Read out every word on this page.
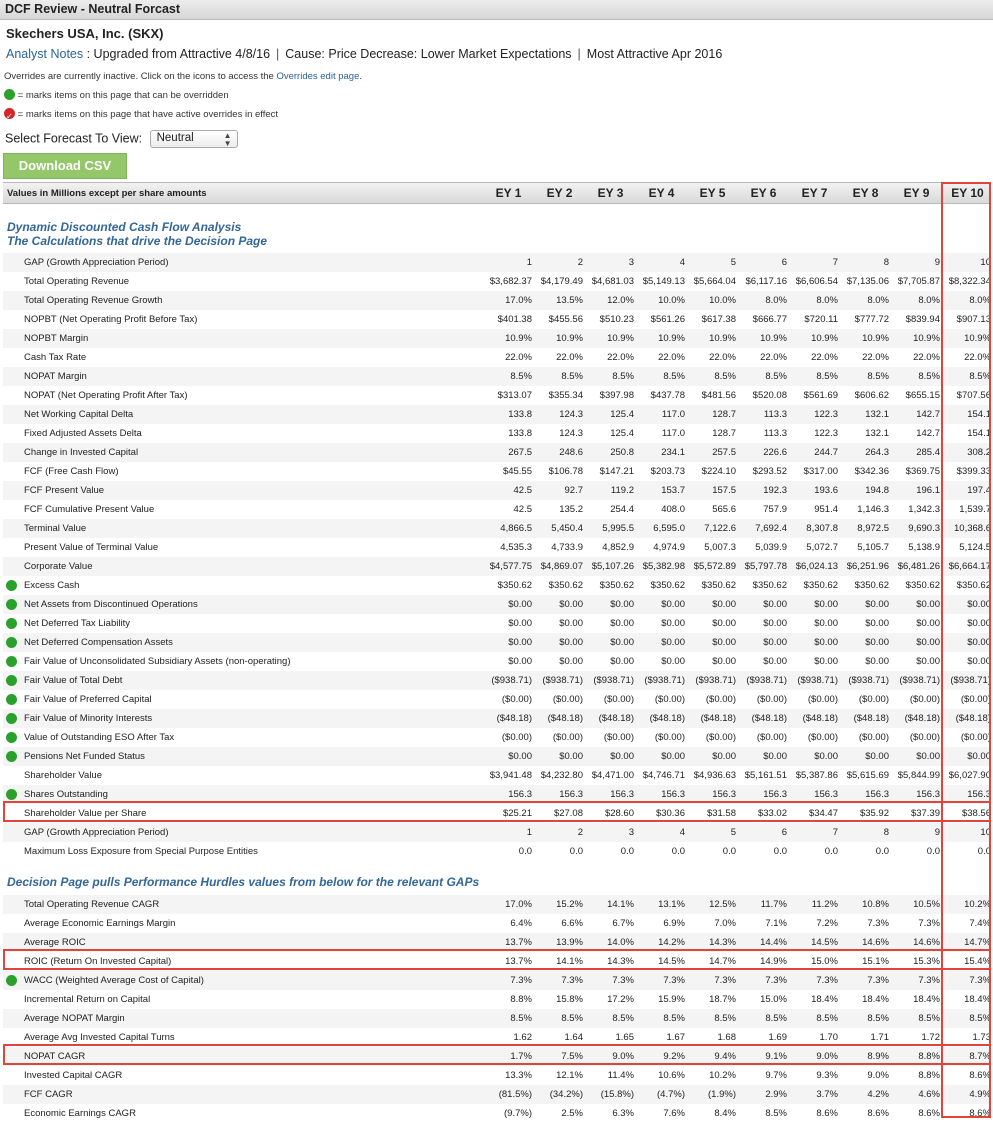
DCF Review - Neutral Forcast
Skechers USA, Inc. (SKX)
Analyst Notes : Upgraded from Attractive 4/8/16 | Cause: Price Decrease: Lower Market Expectations | Most Attractive Apr 2016
Overrides are currently inactive. Click on the icons to access the Overrides edit page.
= marks items on this page that can be overridden
✓ = marks items on this page that have active overrides in effect
Select Forecast To View: Neutral	▲
▼
Download CSV
Values in Millions except per share amounts	EY 1	EY 2	EY 3	EY 4	EY 5	EY 6	EY 7	EY 8	EY 9	EY 10
Dynamic Discounted Cash Flow Analysis
The Calculations that drive the Decision Page
GAP (Growth Appreciation Period)	1	2	3	4	5	6	7	8	9	10
Total Operating Revenue	$3,682.37 $4,179.49 $4,681.03 $5,149.13 $5,664.04 $6,117.16 $6,606.54 $7,135.06 $7,705.87 $8,322.34
Total Operating Revenue Growth	17.0%	13.5%	12.0%	10.0%	10.0%	8.0%	8.0%	8.0%	8.0%	8.0%
NOPBT (Net Operating Profit Before Tax)	$401.38	$455.56	$510.23	$561.26	$617.38	$666.77	$720.11	$777.72	$839.94	$907.13
NOPBT Margin	10.9%	10.9%	10.9%	10.9%	10.9%	10.9%	10.9%	10.9%	10.9%	10.9%
Cash Tax Rate	22.0%	22.0%	22.0%	22.0%	22.0%	22.0%	22.0%	22.0%	22.0%	22.0%
NOPAT Margin	8.5%	8.5%	8.5%	8.5%	8.5%	8.5%	8.5%	8.5%	8.5%	8.5%
NOPAT (Net Operating Profit After Tax)	$313.07	$355.34	$397.98	$437.78	$481.56	$520.08	$561.69	$606.62	$655.15	$707.56
Net Working Capital Delta	133.8	124.3	125.4	117.0	128.7	113.3	122.3	132.1	142.7	154.1
Fixed Adjusted Assets Delta	133.8	124.3	125.4	117.0	128.7	113.3	122.3	132.1	142.7	154.1
Change in Invested Capital	267.5	248.6	250.8	234.1	257.5	226.6	244.7	264.3	285.4	308.2
FCF (Free Cash Flow)	$45.55	$106.78	$147.21	$203.73	$224.10	$293.52	$317.00	$342.36	$369.75	$399.33
FCF Present Value	42.5	92.7	119.2	153.7	157.5	192.3	193.6	194.8	196.1	197.4
FCF Cumulative Present Value	42.5	135.2	254.4	408.0	565.6	757.9	951.4	1,146.3	1,342.3	1,539.7
Terminal Value	4,866.5	5,450.4	5,995.5	6,595.0	7,122.6	7,692.4	8,307.8	8,972.5	9,690.3	10,368.6
Present Value of Terminal Value	4,535.3	4,733.9	4,852.9	4,974.9	5,007.3	5,039.9	5,072.7	5,105.7	5,138.9	5,124.5
Corporate Value	$4,577.75 $4,869.07 $5,107.26 $5,382.98 $5,572.89 $5,797.78 $6,024.13 $6,251.96 $6,481.26 $6,664.17
Excess Cash	$350.62	$350.62	$350.62	$350.62	$350.62	$350.62	$350.62	$350.62	$350.62	$350.62
Net Assets from Discontinued Operations	$0.00	$0.00	$0.00	$0.00	$0.00	$0.00	$0.00	$0.00	$0.00	$0.00
Net Deferred Tax Liability	$0.00	$0.00	$0.00	$0.00	$0.00	$0.00	$0.00	$0.00	$0.00	$0.00
Net Deferred Compensation Assets	$0.00	$0.00	$0.00	$0.00	$0.00	$0.00	$0.00	$0.00	$0.00	$0.00
Fair Value of Unconsolidated Subsidiary Assets (non-operating)	$0.00	$0.00	$0.00	$0.00	$0.00	$0.00	$0.00	$0.00	$0.00	$0.00
Fair Value of Total Debt	($938.71)	($938.71)	($938.71)	($938.71)	($938.71)	($938.71)	($938.71)	($938.71)	($938.71)	($938.71)
Fair Value of Preferred Capital	($0.00)	($0.00)	($0.00)	($0.00)	($0.00)	($0.00)	($0.00)	($0.00)	($0.00)	($0.00)
Fair Value of Minority Interests	($48.18)	($48.18)	($48.18)	($48.18)	($48.18)	($48.18)	($48.18)	($48.18)	($48.18)	($48.18)
Value of Outstanding ESO After Tax	($0.00)	($0.00)	($0.00)	($0.00)	($0.00)	($0.00)	($0.00)	($0.00)	($0.00)	($0.00)
Pensions Net Funded Status	$0.00	$0.00	$0.00	$0.00	$0.00	$0.00	$0.00	$0.00	$0.00	$0.00
Shareholder Value	$3,941.48 $4,232.80 $4,471.00 $4,746.71 $4,936.63 $5,161.51 $5,387.86 $5,615.69 $5,844.99 $6,027.90
Shares Outstanding	156.3	156.3	156.3	156.3	156.3	156.3	156.3	156.3	156.3	156.3
Shareholder Value per Share	$25.21	$27.08	$28.60	$30.36	$31.58	$33.02	$34.47	$35.92	$37.39	$38.56
GAP (Growth Appreciation Period)	1	2	3	4	5	6	7	8	9	10
Maximum Loss Exposure from Special Purpose Entities	0.0	0.0	0.0	0.0	0.0	0.0	0.0	0.0	0.0	0.0
Decision Page pulls Performance Hurdles values from below for the relevant GAPs
Total Operating Revenue CAGR	17.0%	15.2%	14.1%	13.1%	12.5%	11.7%	11.2%	10.8%	10.5%	10.2%
Average Economic Earnings Margin	6.4%	6.6%	6.7%	6.9%	7.0%	7.1%	7.2%	7.3%	7.3%	7.4%
Average ROIC	13.7%	13.9%	14.0%	14.2%	14.3%	14.4%	14.5%	14.6%	14.6%	14.7%
ROIC (Return On Invested Capital)	13.7%	14.1%	14.3%	14.5%	14.7%	14.9%	15.0%	15.1%	15.3%	15.4%
WACC (Weighted Average Cost of Capital)	7.3%	7.3%	7.3%	7.3%	7.3%	7.3%	7.3%	7.3%	7.3%	7.3%
Incremental Return on Capital	8.8%	15.8%	17.2%	15.9%	18.7%	15.0%	18.4%	18.4%	18.4%	18.4%
Average NOPAT Margin	8.5%	8.5%	8.5%	8.5%	8.5%	8.5%	8.5%	8.5%	8.5%	8.5%
Average Avg Invested Capital Turns	1.62	1.64	1.65	1.67	1.68	1.69	1.70	1.71	1.72	1.73
NOPAT CAGR	1.7%	7.5%	9.0%	9.2%	9.4%	9.1%	9.0%	8.9%	8.8%	8.7%
Invested Capital CAGR	13.3%	12.1%	11.4%	10.6%	10.2%	9.7%	9.3%	9.0%	8.8%	8.6%
FCF CAGR	(81.5%)	(34.2%)	(15.8%)	(4.7%)	(1.9%)	2.9%	3.7%	4.2%	4.6%	4.9%
Economic Earnings CAGR	(9.7%)	2.5%	6.3%	7.6%	8.4%	8.5%	8.6%	8.6%	8.6%	8.6%
